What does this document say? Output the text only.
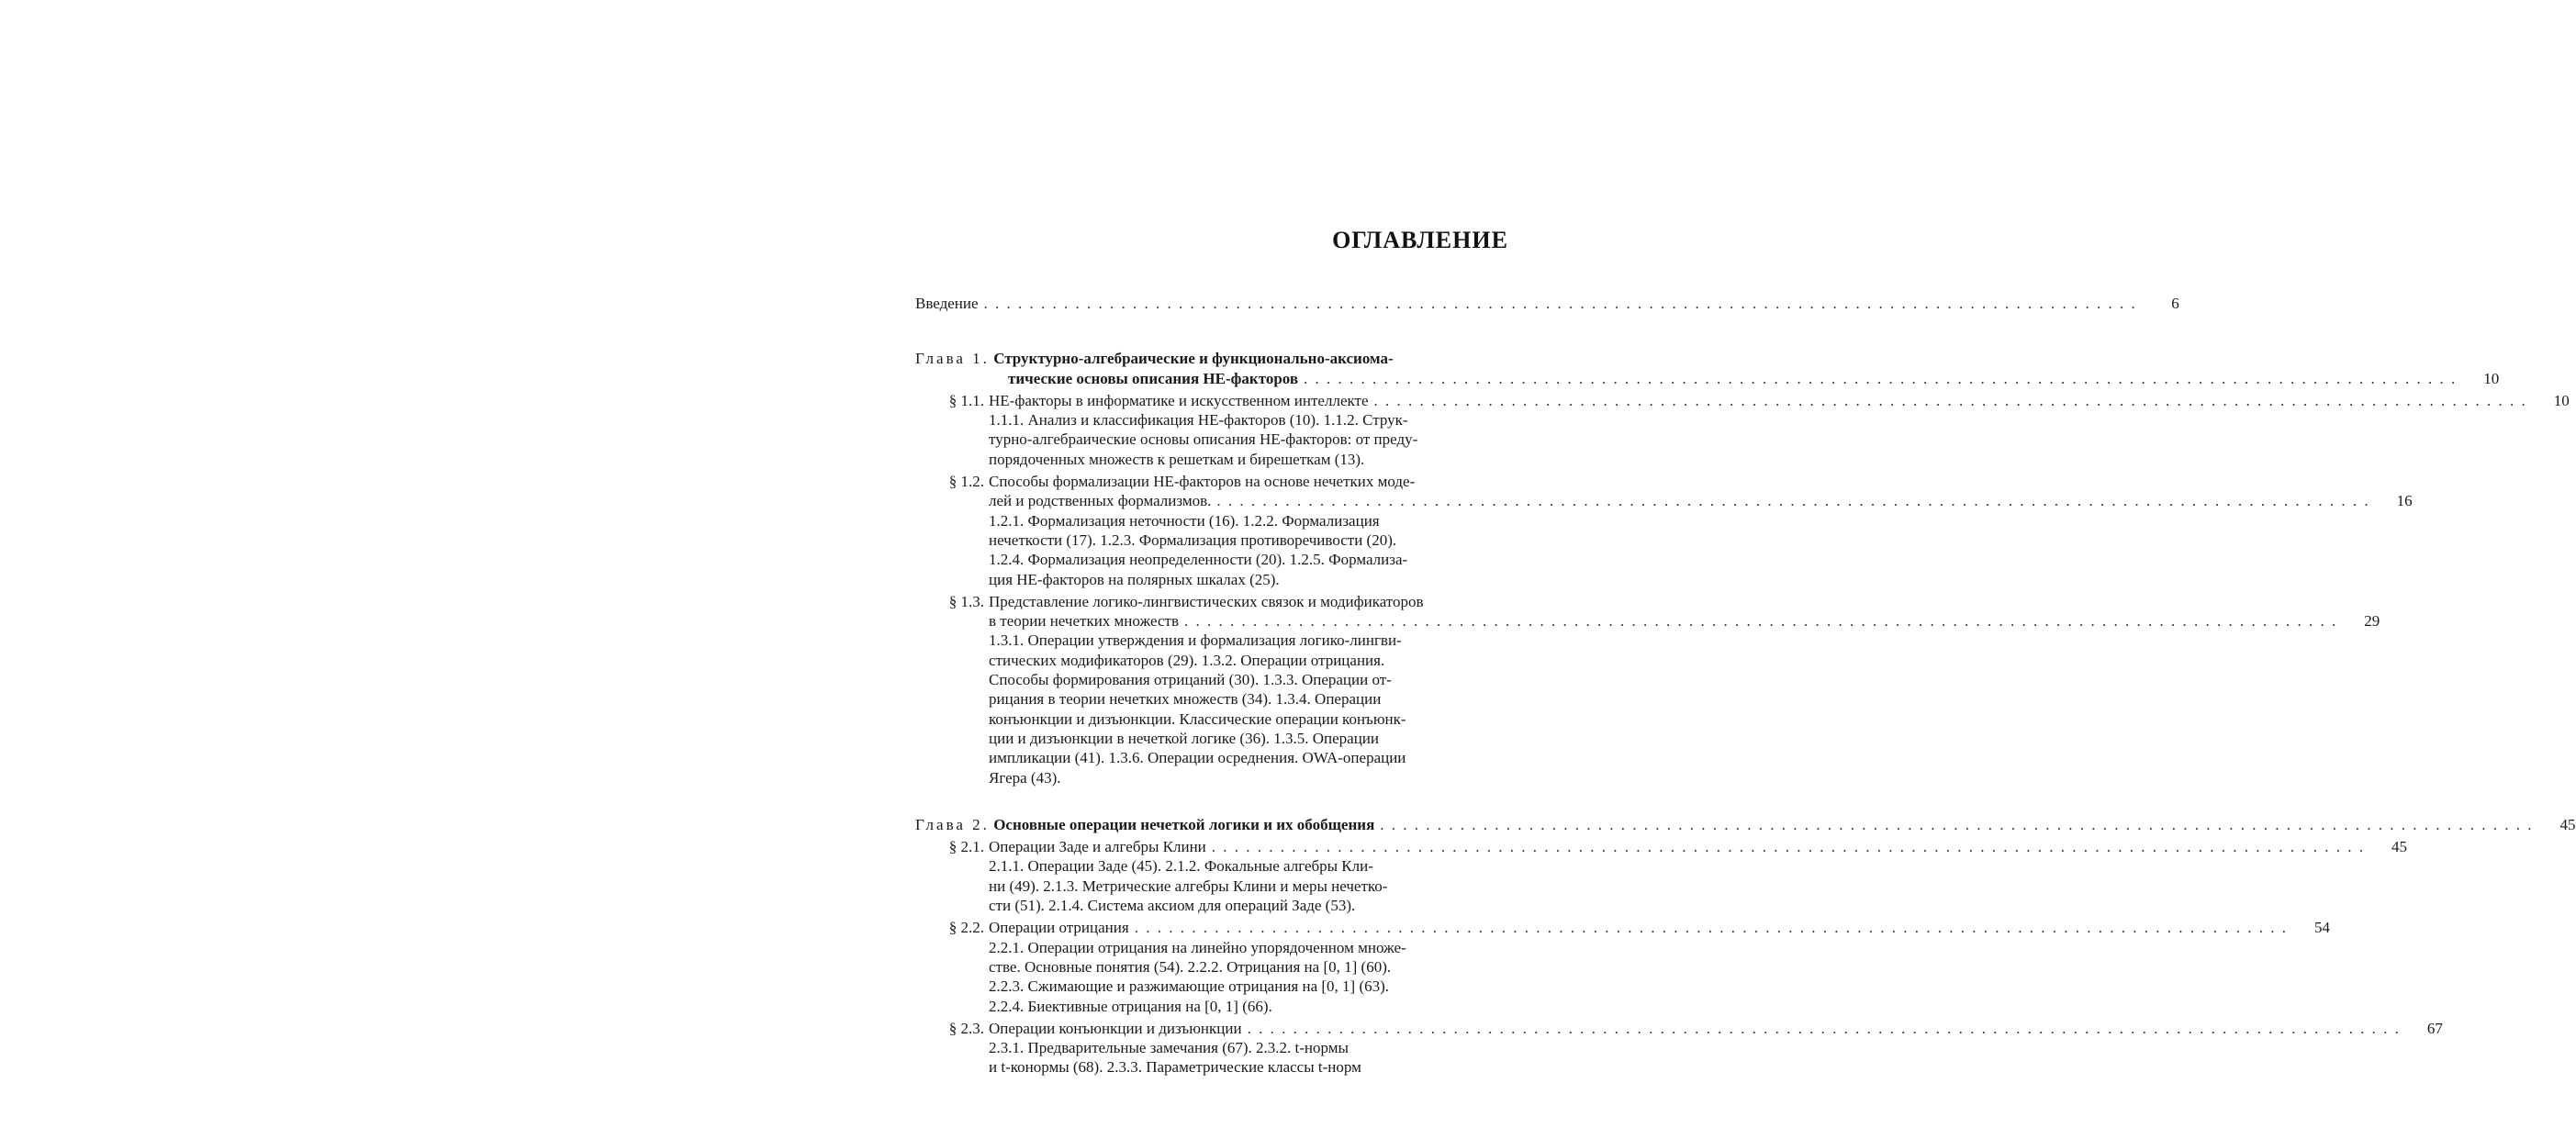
ОГЛАВЛЕНИЕ
Введение . . .	6
Глава 1. Структурно-алгебраические и функционально-аксиома-
тические основы описания НЕ-факторов . . .	10
§ 1.1. НЕ-факторы в информатике и искусственном интеллекте . . .	10
1.1.1. Анализ и классификация НЕ-факторов (10). 1.1.2. Струк-
турно-алгебраические основы описания НЕ-факторов: от преду-
порядоченных множеств к решеткам и бирешеткам (13).
§ 1.2. Способы формализации НЕ-факторов на основе нечетких моде-
лей и родственных формализмов. . . .	16
1.2.1. Формализация неточности (16). 1.2.2. Формализация
нечеткости (17). 1.2.3. Формализация противоречивости (20).
1.2.4. Формализация неопределенности (20). 1.2.5. Формализа-
ция НЕ-факторов на полярных шкалах (25).
§ 1.3. Представление логико-лингвистических связок и модификаторов
в теории нечетких множеств . . .	29
1.3.1. Операции утверждения и формализация логико-лингви-
стических модификаторов (29). 1.3.2. Операции отрицания.
Способы формирования отрицаний (30). 1.3.3. Операции от-
рицания в теории нечетких множеств (34). 1.3.4. Операции
конъюнкции и дизъюнкции. Классические операции конъюнк-
ции и дизъюнкции в нечеткой логике (36). 1.3.5. Операции
импликации (41). 1.3.6. Операции осреднения. OWA-операции
Ягера (43).
Глава 2. Основные операции нечеткой логики и их обобщения . . .	45
§ 2.1. Операции Заде и алгебры Клини . . .	45
2.1.1. Операции Заде (45). 2.1.2. Фокальные алгебры Кли-
ни (49). 2.1.3. Метрические алгебры Клини и меры нечетко-
сти (51). 2.1.4. Система аксиом для операций Заде (53).
§ 2.2. Операции отрицания . . .	54
2.2.1. Операции отрицания на линейно упорядоченном множе-
стве. Основные понятия (54). 2.2.2. Отрицания на [0, 1] (60).
2.2.3. Сжимающие и разжимающие отрицания на [0, 1] (63).
2.2.4. Биективные отрицания на [0, 1] (66).
§ 2.3. Операции конъюнкции и дизъюнкции . . .	67
2.3.1. Предварительные замечания (67). 2.3.2. t-нормы
и t-конормы (68). 2.3.3. Параметрические классы t-норм
